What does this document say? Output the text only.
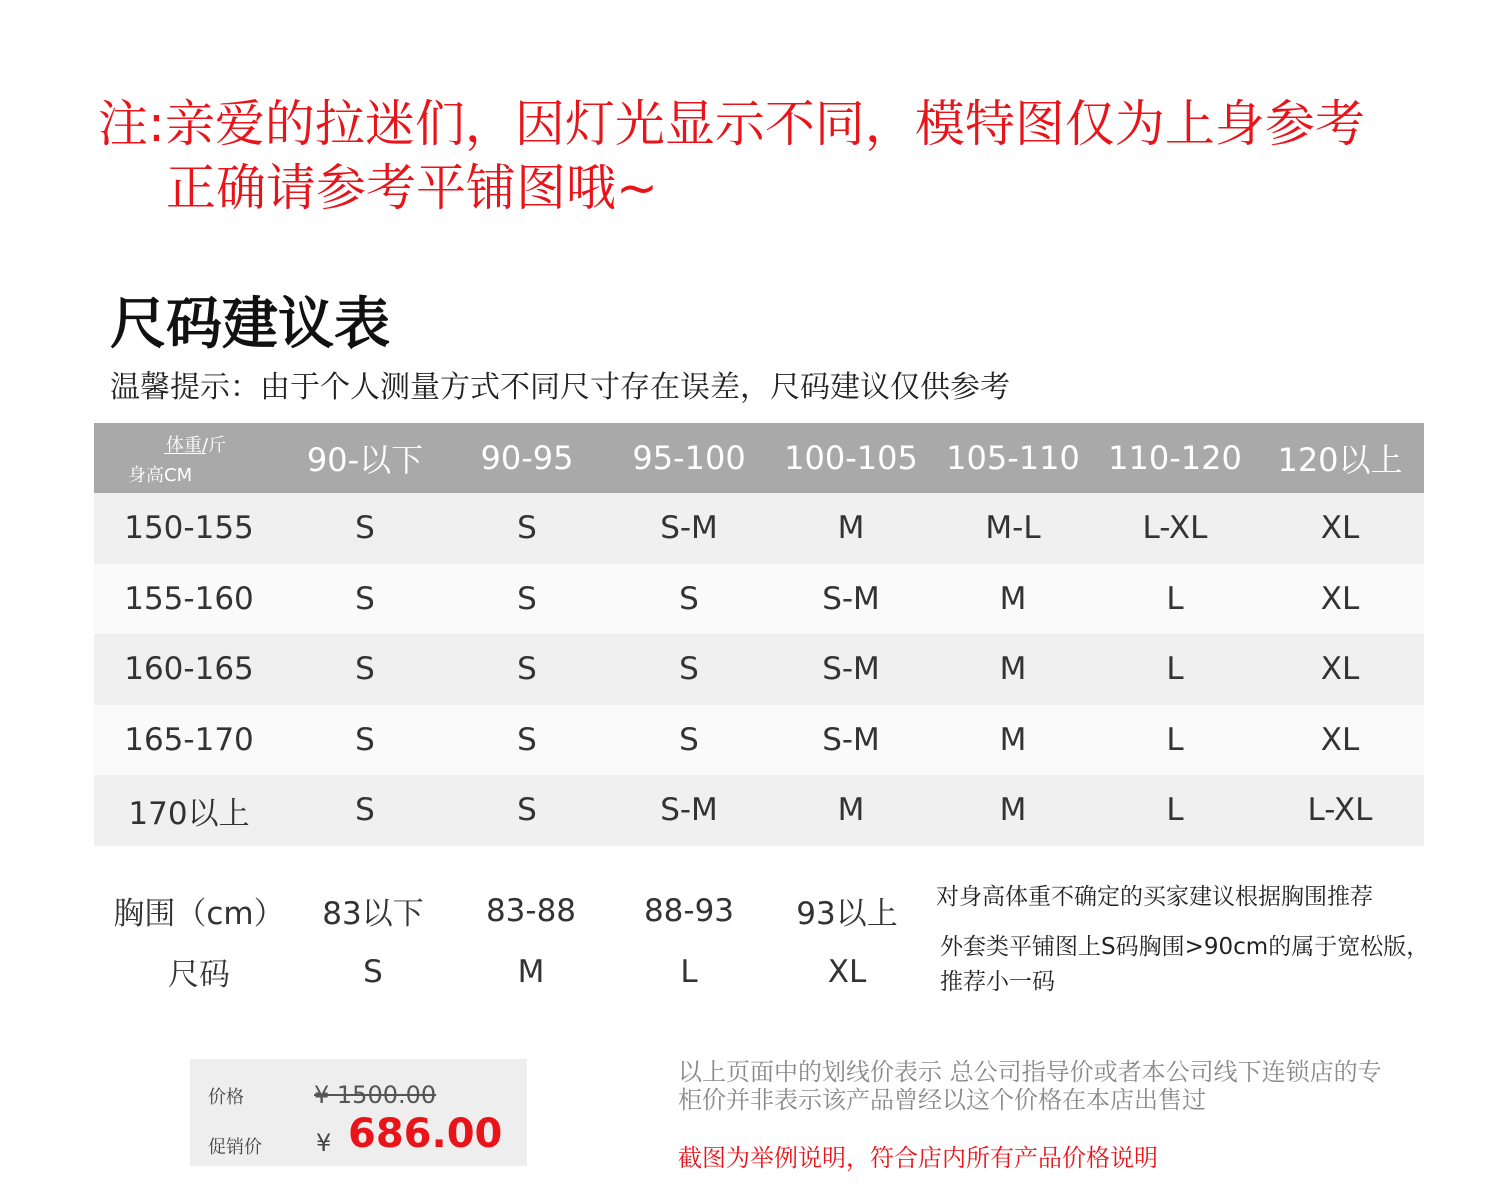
注:亲爱的拉迷们，因灯光显示不同，模特图仅为上身参考
正确请参考平铺图哦~
尺码建议表
温馨提示：由于个人测量方式不同尺寸存在误差，尺码建议仅供参考
体重/斤
身高CM	90-以下	90-95	95-100	100-105	105-110	110-120	120以上
150-155	S	S	S-M	M	M-L	L-XL	XL
155-160	S	S	S	S-M	M	L	XL
160-165	S	S	S	S-M	M	L	XL
165-170	S	S	S	S-M	M	L	XL
170以上	S	S	S-M	M	M	L	L-XL
胸围（cm）	83以下	83-88	88-93	93以上
尺码	S	M	L	XL
对身高体重不确定的买家建议根据胸围推荐
外套类平铺图上S码胸围>90cm的属于宽松版，推荐小一码
价格	¥ 1500.00
促销价 ¥ 686.00
以上页面中的划线价表示 总公司指导价或者本公司线下连锁店的专柜价并非表示该产品曾经以这个价格在本店出售过
截图为举例说明，符合店内所有产品价格说明
